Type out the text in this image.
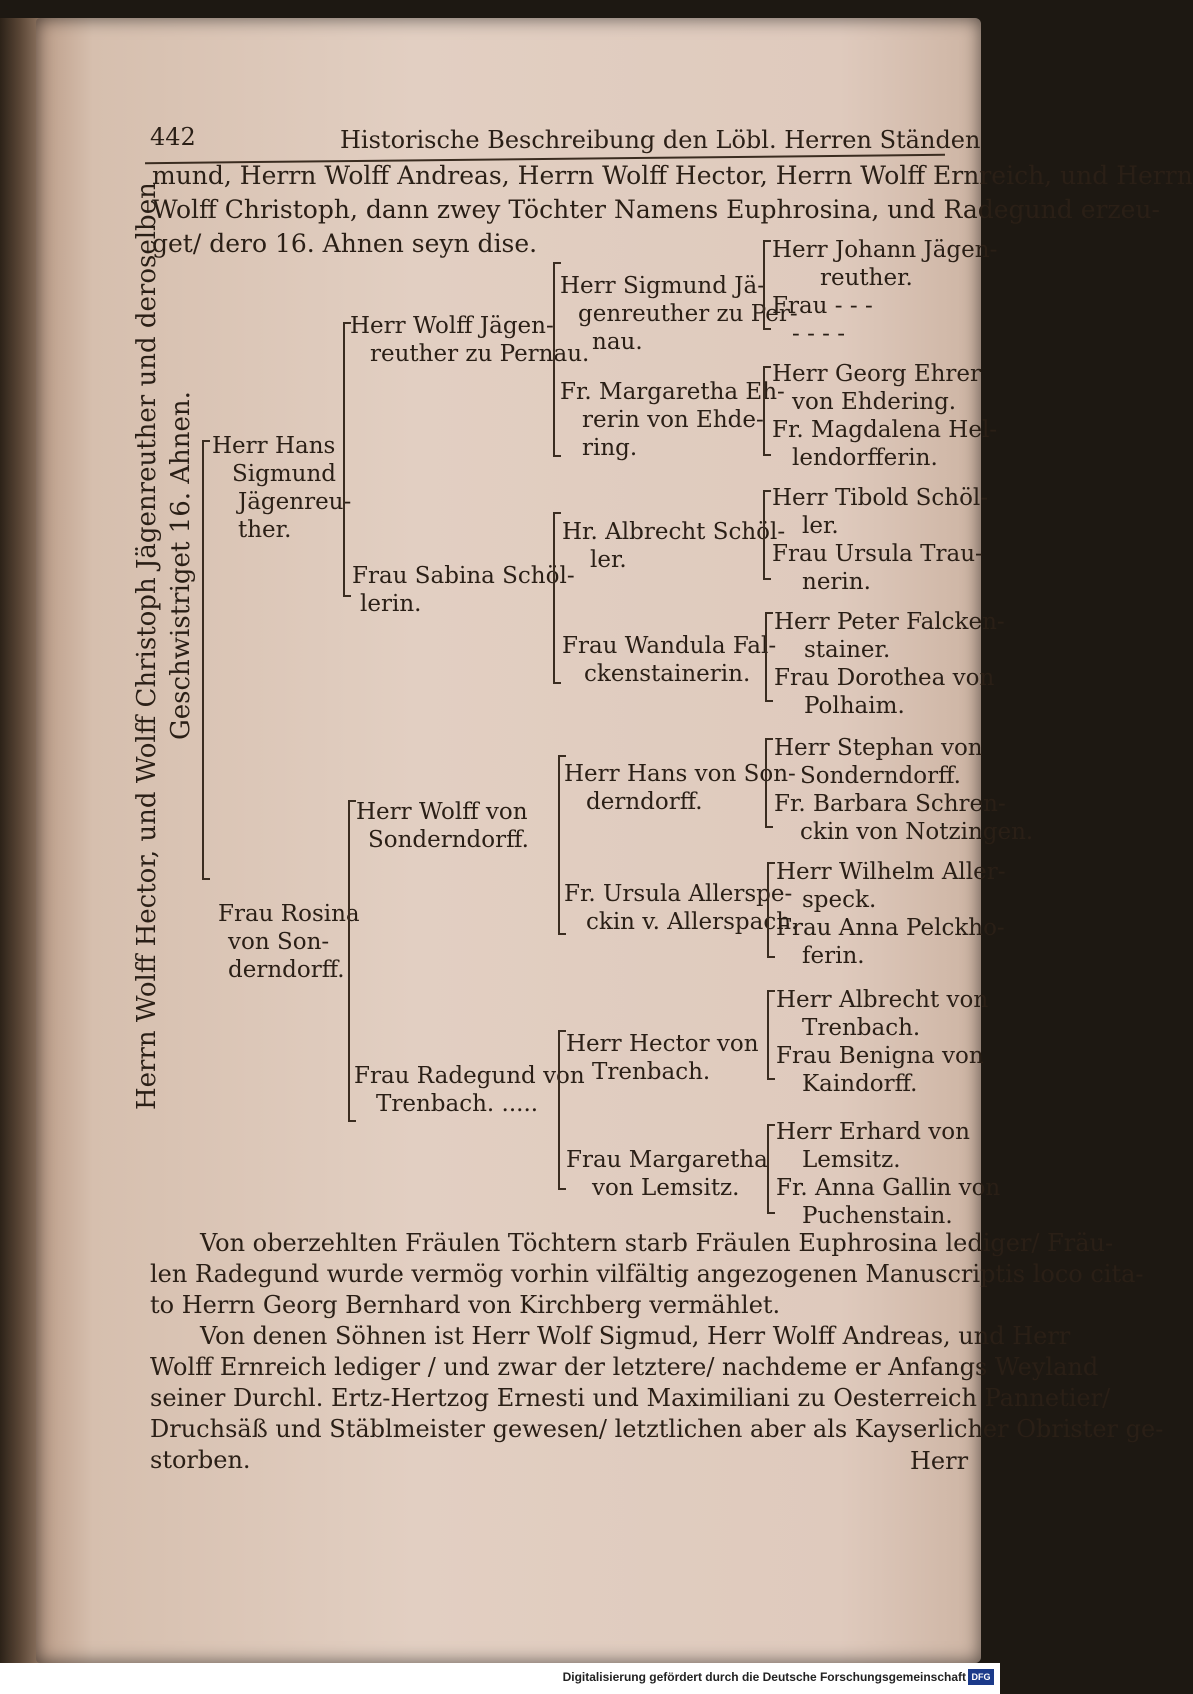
442	Historische Beschreibung den Löbl. Herren Ständen
mund, Herrn Wolff Andreas, Herrn Wolff Hector, Herrn Wolff Ernreich, und Herrn
Wolff Christoph, dann zwey Töchter Namens Euphrosina, und Radegund erzeu-
get/ dero 16. Ahnen seyn dise.
Herrn Wolff Hector, und Wolff Christoph Jägenreuther und deroselben Geschwistriget 16. Ahnen. Herr Hans
Sigmund
Jägenreu-
ther.
Frau Rosina
von Son-
derndorff.
Herr Wolff Jägen-
reuther zu Pernau.
Frau Sabina Schöl-
lerin.
Herr Wolff von
Sonderndorff.
Frau Radegund von
Trenbach. .....
Herr Sigmund Jä-
genreuther zu Per-
nau.
Fr. Margaretha Eh-
rerin von Ehde-
ring.
Hr. Albrecht Schöl-
ler.
Frau Wandula Fal-
ckenstainerin.
Herr Hans von Son-
derndorff.
Fr. Ursula Allerspe-
ckin v. Allerspach.
Herr Hector von
Trenbach.
Frau Margaretha
von Lemsitz.
Herr Johann Jägen-
reuther.
Frau - - -
- - - -
Herr Georg Ehrer
von Ehdering.
Fr. Magdalena Hel-
lendorfferin.
Herr Tibold Schöl-
ler.
Frau Ursula Trau-
nerin.
Herr Peter Falcken-
stainer.
Frau Dorothea von
Polhaim.
Herr Stephan von
Sonderndorff.
Fr. Barbara Schren-
ckin von Notzingen.
Herr Wilhelm Aller-
speck.
Frau Anna Pelckho-
ferin.
Herr Albrecht von
Trenbach.
Frau Benigna von
Kaindorff.
Herr Erhard von
Lemsitz.
Fr. Anna Gallin von
Puchenstain.
Von oberzehlten Fräulen Töchtern starb Fräulen Euphrosina lediger/ Fräu-
len Radegund wurde vermög vorhin vilfältig angezogenen Manuscriptis loco cita-
to Herrn Georg Bernhard von Kirchberg vermählet.
Von denen Söhnen ist Herr Wolf Sigmud, Herr Wolff Andreas, und Herr
Wolff Ernreich lediger / und zwar der letztere/ nachdeme er Anfangs Weyland
seiner Durchl. Ertz-Hertzog Ernesti und Maximiliani zu Oesterreich Pannetier/
Druchsäß und Stäblmeister gewesen/ letztlichen aber als Kayserlicher Obrister ge-
storben.	Herr
Digitalisierung gefördert durch die Deutsche Forschungsgemeinschaft DFG
